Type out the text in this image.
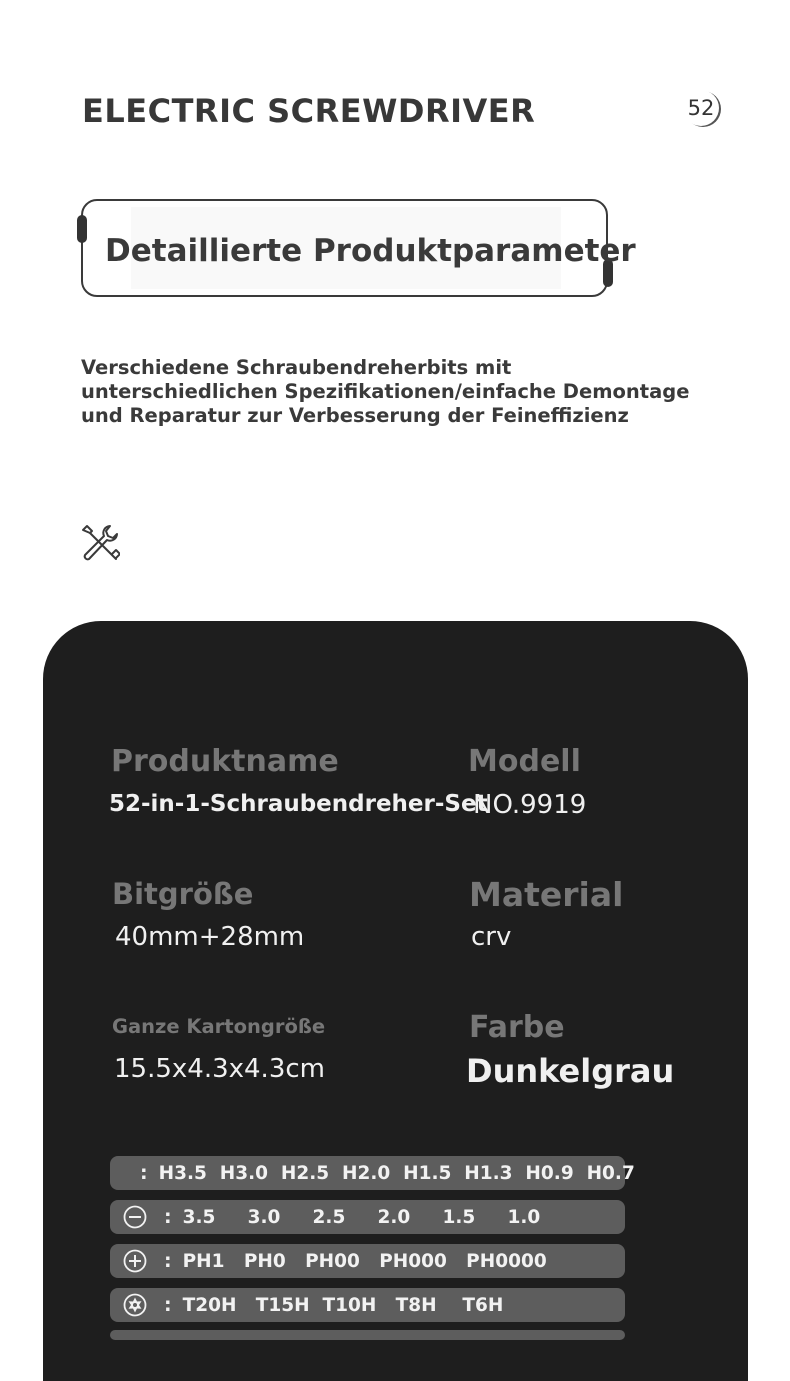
ELECTRIC SCREWDRIVER	52
Detaillierte Produktparameter

Verschiedene Schraubendreherbits mit unterschiedlichen Spezifikationen/einfache Demontage und Reparatur zur Verbesserung der Feineffizienz

Produktname

52-in-1-Schraubendreher-Set

Modell

NO.9919

Bitgröße

40mm+28mm

Material

crv

Ganze Kartongröße

15.5x4.3x4.3cm

Farbe

Dunkelgrau

: H3.5  H3.0  H2.5  H2.0  H1.5  H1.3  H0.9  H0.7
: 3.5     3.0     2.5     2.0     1.5     1.0
: PH1   PH0   PH00   PH000   PH0000
: T20H   T15H  T10H   T8H    T6H
